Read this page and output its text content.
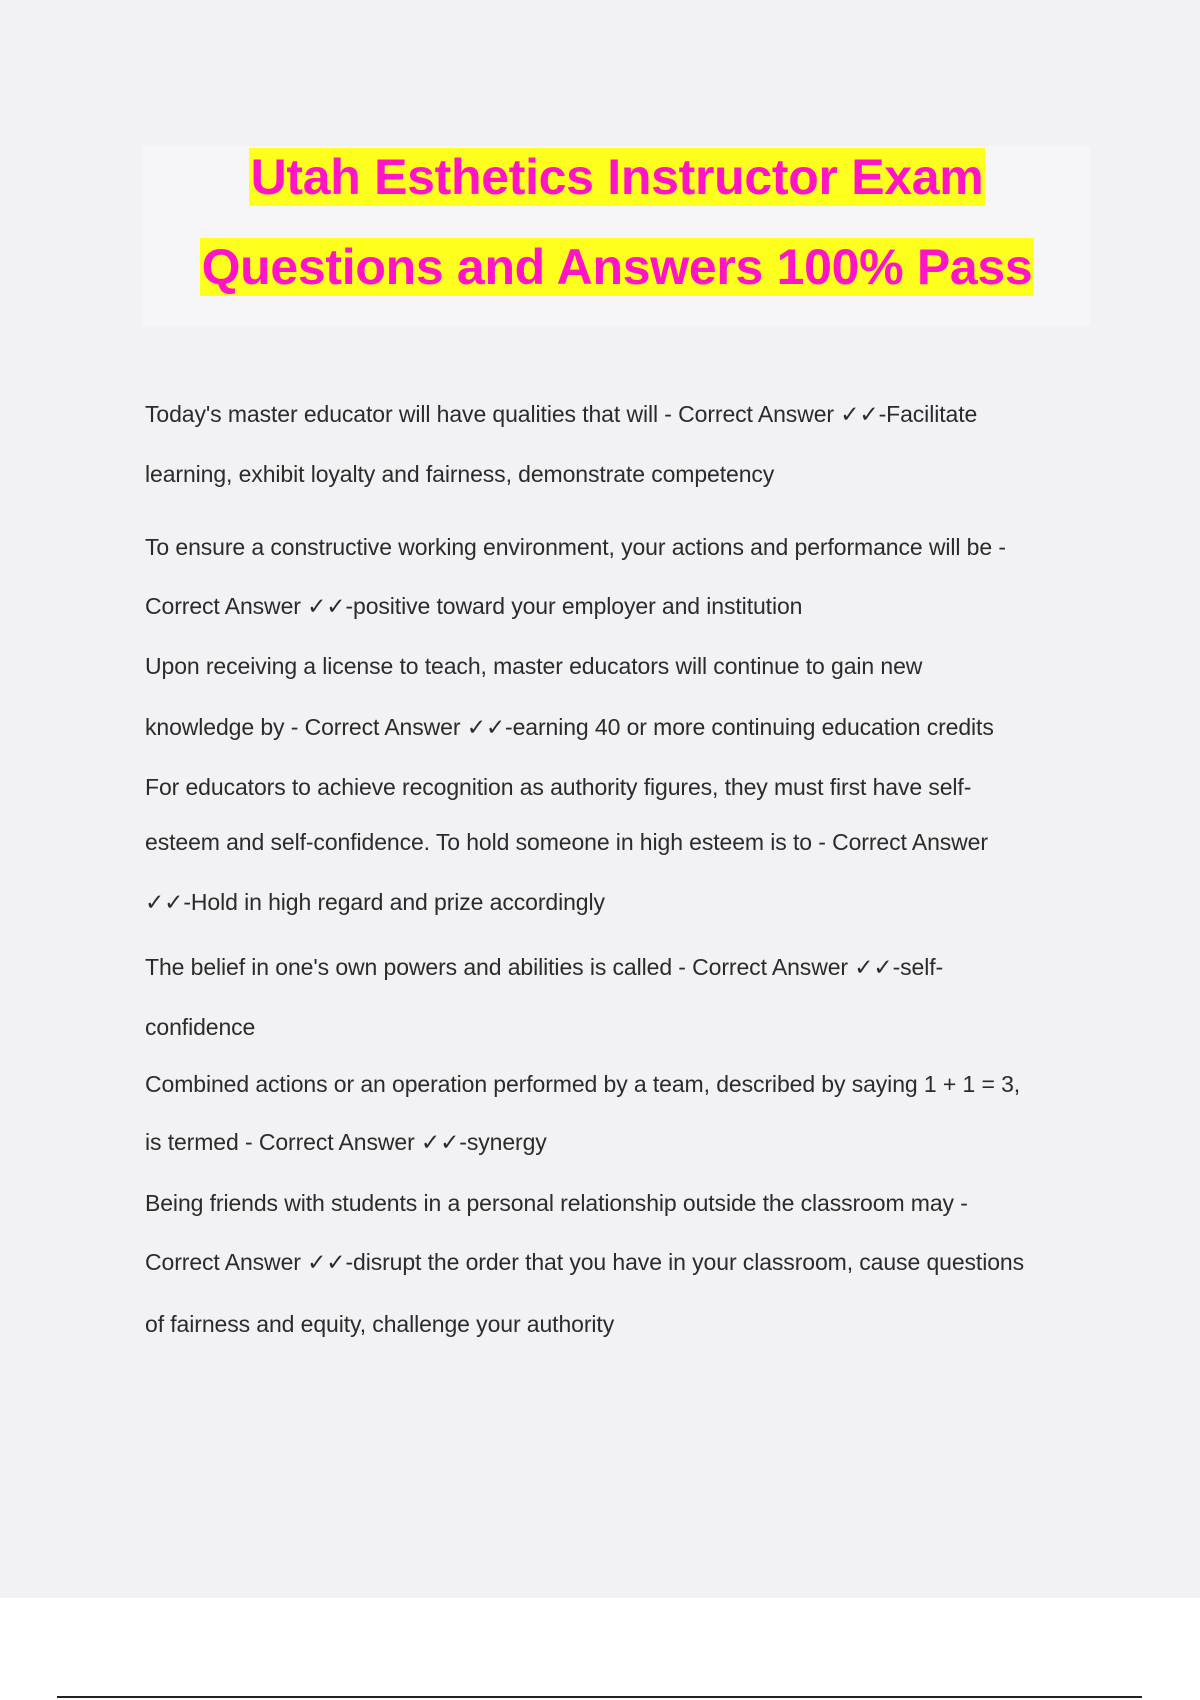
Utah Esthetics Instructor Exam
Questions and Answers 100% Pass
Today's master educator will have qualities that will - Correct Answer ✓✓-Facilitate
learning, exhibit loyalty and fairness, demonstrate competency
To ensure a constructive working environment, your actions and performance will be -
Correct Answer ✓✓-positive toward your employer and institution
Upon receiving a license to teach, master educators will continue to gain new
knowledge by - Correct Answer ✓✓-earning 40 or more continuing education credits
For educators to achieve recognition as authority figures, they must first have self-
esteem and self-confidence. To hold someone in high esteem is to - Correct Answer
✓✓-Hold in high regard and prize accordingly
The belief in one's own powers and abilities is called - Correct Answer ✓✓-self-
confidence
Combined actions or an operation performed by a team, described by saying 1 + 1 = 3,
is termed - Correct Answer ✓✓-synergy
Being friends with students in a personal relationship outside the classroom may -
Correct Answer ✓✓-disrupt the order that you have in your classroom, cause questions
of fairness and equity, challenge your authority
